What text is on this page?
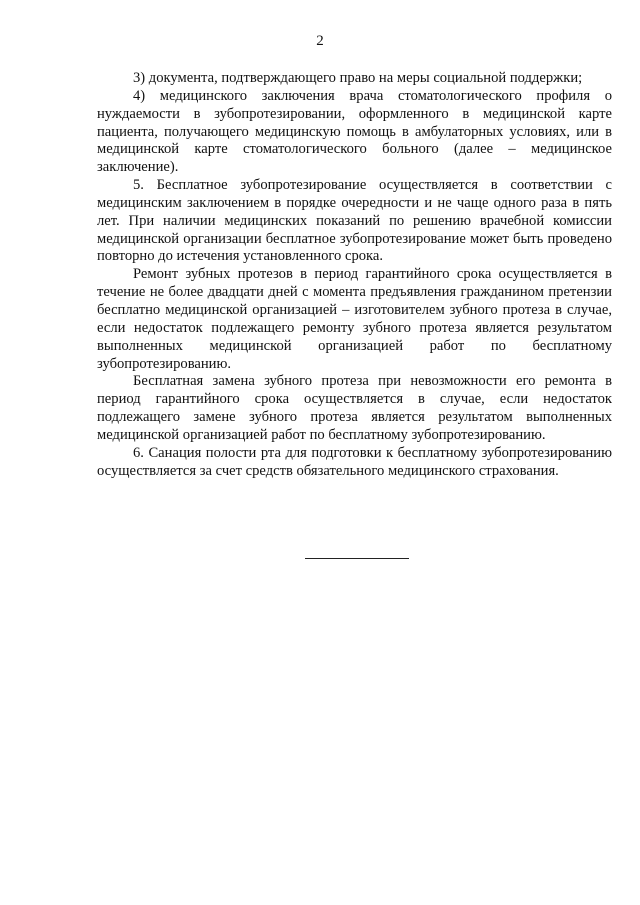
2

3) документа, подтверждающего право на меры социальной поддержки;

4) медицинского заключения врача стоматологического профиля о нуждаемости в зубопротезировании, оформленного в медицинской карте пациента, получающего медицинскую помощь в амбулаторных условиях, или в медицинской карте стоматологического больного (далее – медицинское заключение).

5. Бесплатное зубопротезирование осуществляется в соответствии с медицинским заключением в порядке очередности и не чаще одного раза в пять лет. При наличии медицинских показаний по решению врачебной комиссии медицинской организации бесплатное зубопротезирование может быть проведено повторно до истечения установленного срока.

Ремонт зубных протезов в период гарантийного срока осуществляется в течение не более двадцати дней с момента предъявления гражданином претензии бесплатно медицинской организацией – изготовителем зубного протеза в случае, если недостаток подлежащего ремонту зубного протеза является результатом выполненных медицинской организацией работ по бесплатному зубопротезированию.

Бесплатная замена зубного протеза при невозможности его ремонта в период гарантийного срока осуществляется в случае, если недостаток подлежащего замене зубного протеза является результатом выполненных медицинской организацией работ по бесплатному зубопротезированию.

6. Санация полости рта для подготовки к бесплатному зубопротезированию осуществляется за счет средств обязательного медицинского страхования.
